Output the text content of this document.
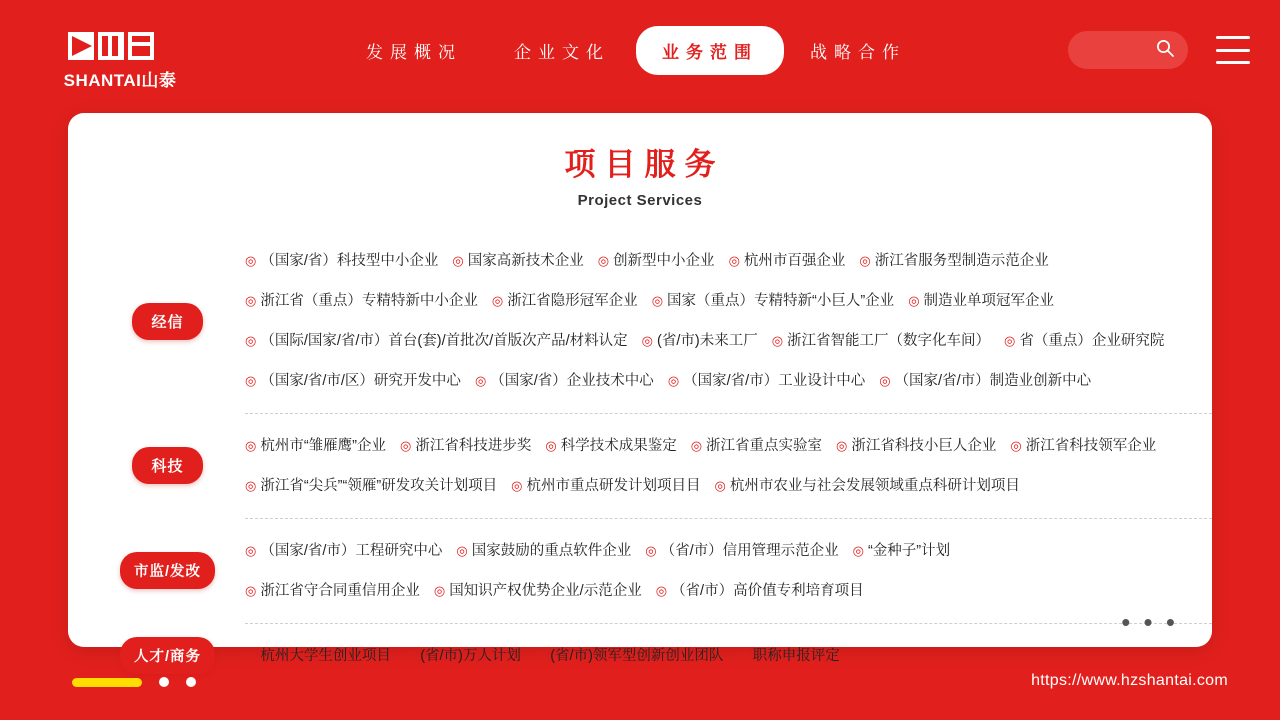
SHANTAI山泰
发展概况	企业文化	业务范围	战略合作
项目服务
Project Services
经信
◎ （国家/省）科技型中小企业 ◎ 国家高新技术企业 ◎ 创新型中小企业 ◎ 杭州市百强企业 ◎ 浙江省服务型制造示范企业
◎ 浙江省（重点）专精特新中小企业 ◎ 浙江省隐形冠军企业 ◎ 国家（重点）专精特新“小巨人”企业 ◎ 制造业单项冠军企业
◎ （国际/国家/省/市）首台(套)/首批次/首版次产品/材料认定 ◎ (省/市)未来工厂 ◎ 浙江省智能工厂（数字化车间） ◎ 省（重点）企业研究院
◎ （国家/省/市/区）研究开发中心 ◎ （国家/省）企业技术中心 ◎ （国家/省/市）工业设计中心 ◎ （国家/省/市）制造业创新中心
科技
◎ 杭州市“雏雁鹰”企业 ◎ 浙江省科技进步奖 ◎ 科学技术成果鉴定 ◎ 浙江省重点实验室 ◎ 浙江省科技小巨人企业 ◎ 浙江省科技领军企业
◎ 浙江省“尖兵”“领雁”研发攻关计划项目 ◎ 杭州市重点研发计划项目目 ◎ 杭州市农业与社会发展领域重点科研计划项目
市监/发改
◎ （国家/省/市）工程研究中心 ◎ 国家鼓励的重点软件企业 ◎ （省/市）信用管理示范企业 ◎ “金种子”计划
◎ 浙江省守合同重信用企业 ◎ 国知识产权优势企业/示范企业 ◎ （省/市）高价值专利培育项目
人才/商务	◎ 杭州大学生创业项目 ◎ (省/市)万人计划 ◎ (省/市)领军型创新创业团队 ◎ 职称申报评定
• • •
https://www.hzshantai.com
